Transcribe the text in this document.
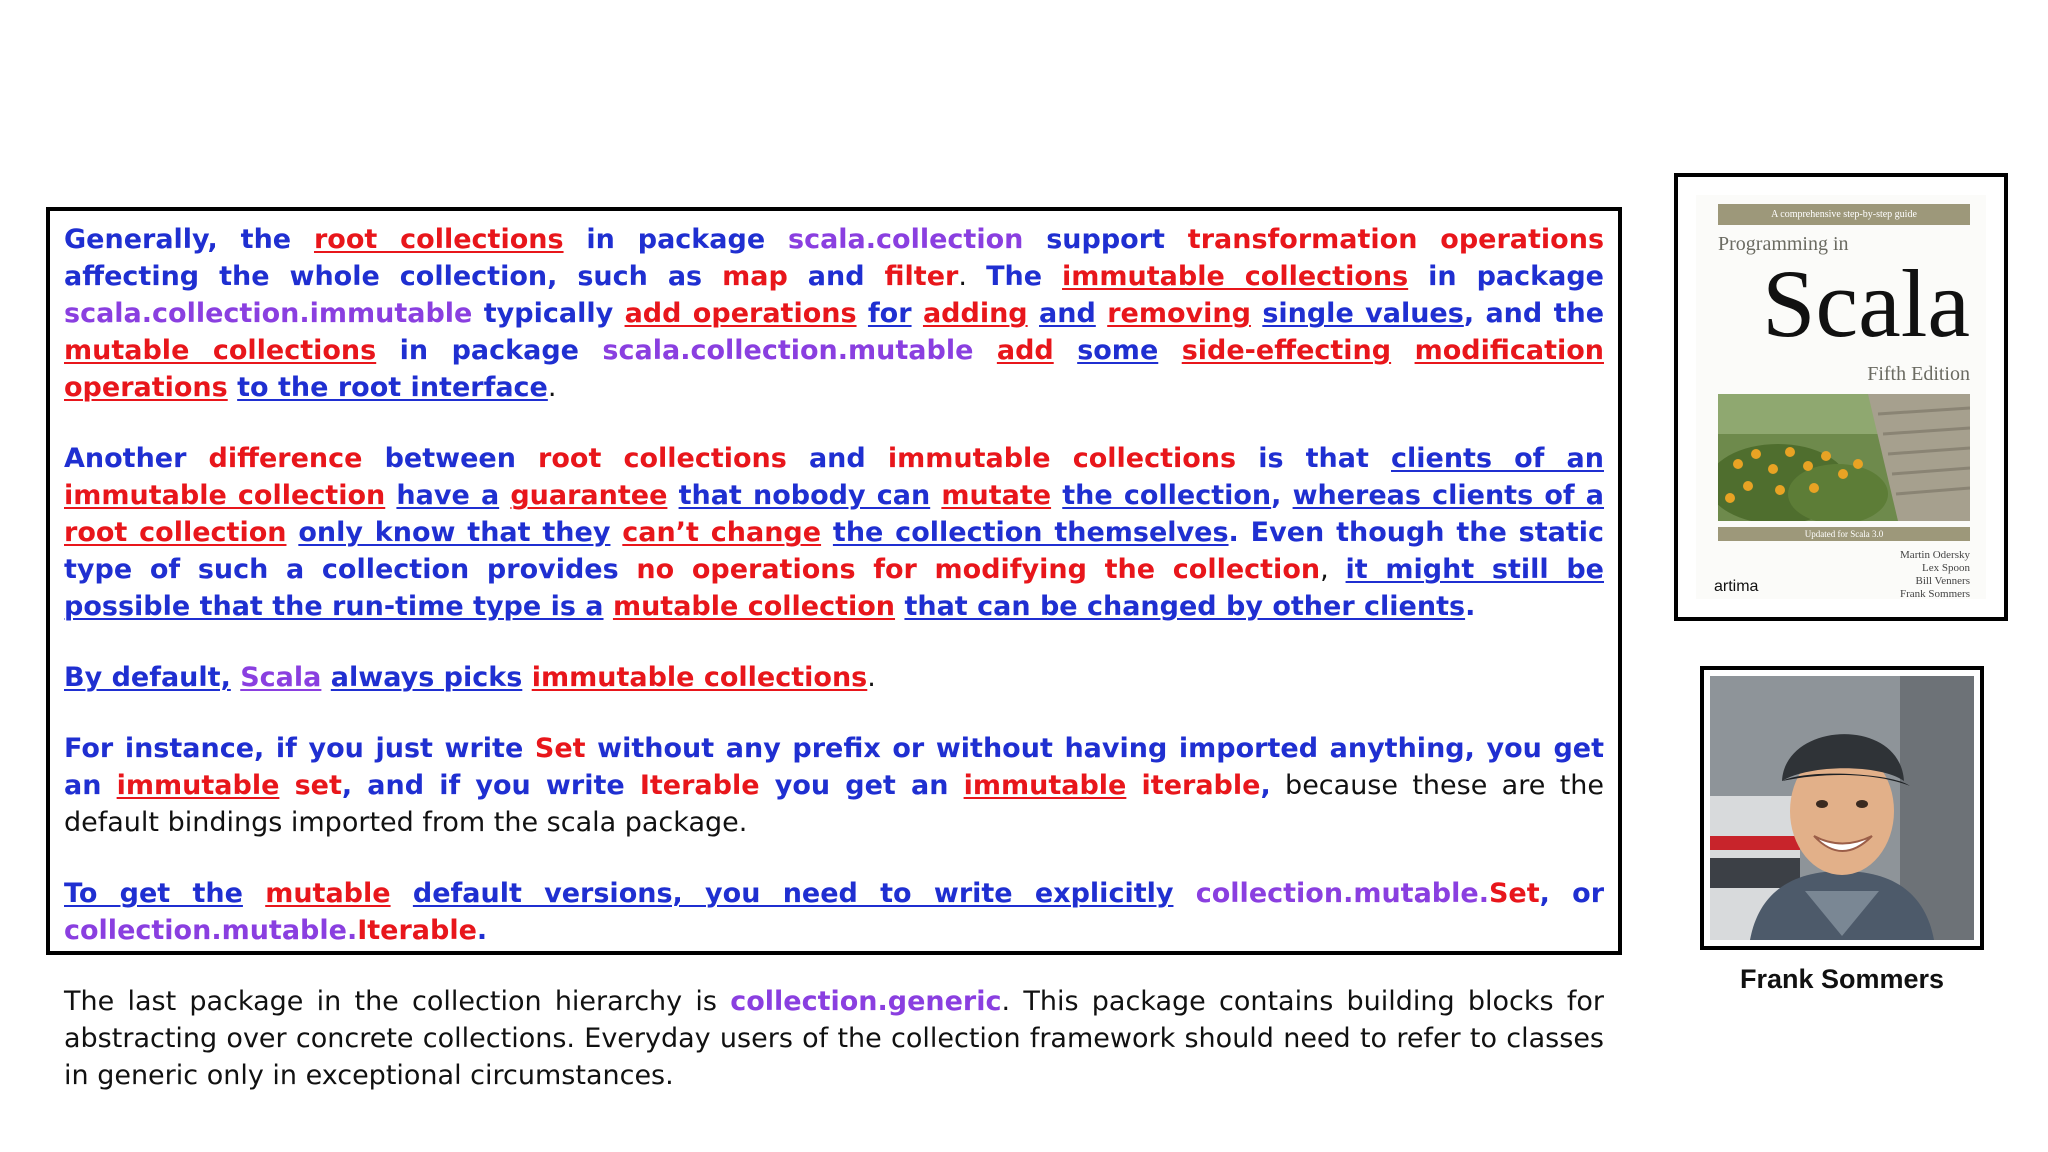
Generally, the root collections in package scala.collection support transformation operations affecting the whole collection, such as map and filter. The immutable collections in package scala.collection.immutable typically add operations for adding and removing single values, and the mutable collections in package scala.collection.mutable add some side-effecting modification operations to the root interface.

Another difference between root collections and immutable collections is that clients of an immutable collection have a guarantee that nobody can mutate the collection, whereas clients of a root collection only know that they can’t change the collection themselves. Even though the static type of such a collection provides no operations for modifying the collection, it might still be possible that the run-time type is a mutable collection that can be changed by other clients.

By default, Scala always picks immutable collections.

For instance, if you just write Set without any prefix or without having imported anything, you get an immutable set, and if you write Iterable you get an immutable iterable, because these are the default bindings imported from the scala package.

To get the mutable default versions, you need to write explicitly collection.mutable.Set, or collection.mutable.Iterable.

The last package in the collection hierarchy is collection.generic. This package contains building blocks for abstracting over concrete collections. Everyday users of the collection framework should need to refer to classes in generic only in exceptional circumstances.

A comprehensive step-by-step guide
Programming in
Scala
Fifth Edition
Updated for Scala 3.0
Martin Odersky
Lex Spoon
Bill Venners
Frank Sommers
artima
Frank Sommers
